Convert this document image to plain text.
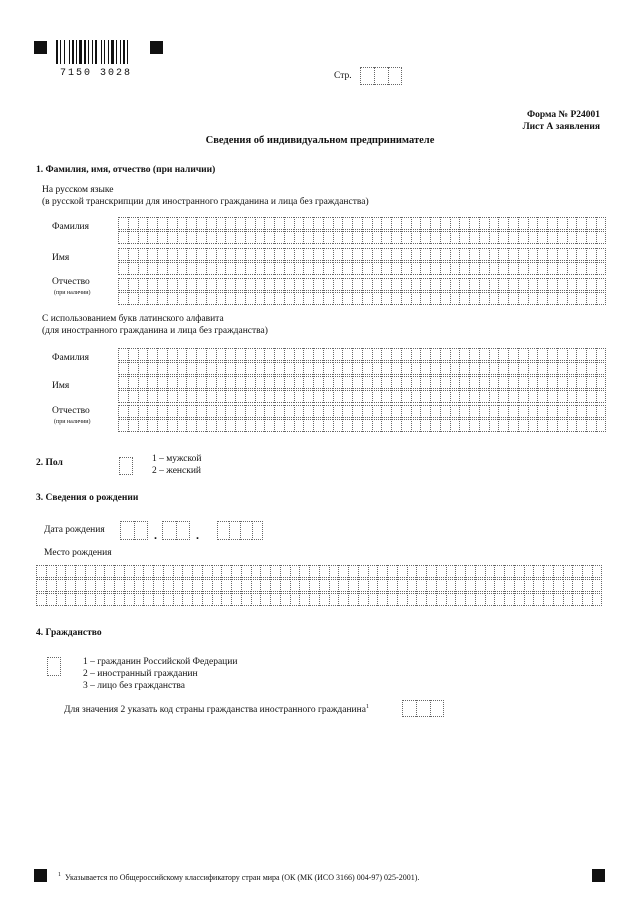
7150 3028	Стр.
Форма № Р24001
Лист А заявления
Сведения об индивидуальном предпринимателе
1. Фамилия, имя, отчество (при наличии)
На русском языке
(в русской транскрипции для иностранного гражданина и лица без гражданства)
Фамилия
Имя
Отчество
(при наличии)
С использованием букв латинского алфавита
(для иностранного гражданина и лица без гражданства)
Фамилия
Имя
Отчество
(при наличии)
2. Пол	1 – мужской
2 – женский
3. Сведения о рождении
Дата рождения	.	.
Место рождения
4. Гражданство
1 – гражданин Российской Федерации
2 – иностранный гражданин
3 – лицо без гражданства
Для значения 2 указать код страны гражданства иностранного гражданина$^1$
$^1$ Указывается по Общероссийскому классификатору стран мира (ОК (МК (ИСО 3166) 004-97) 025-2001).
